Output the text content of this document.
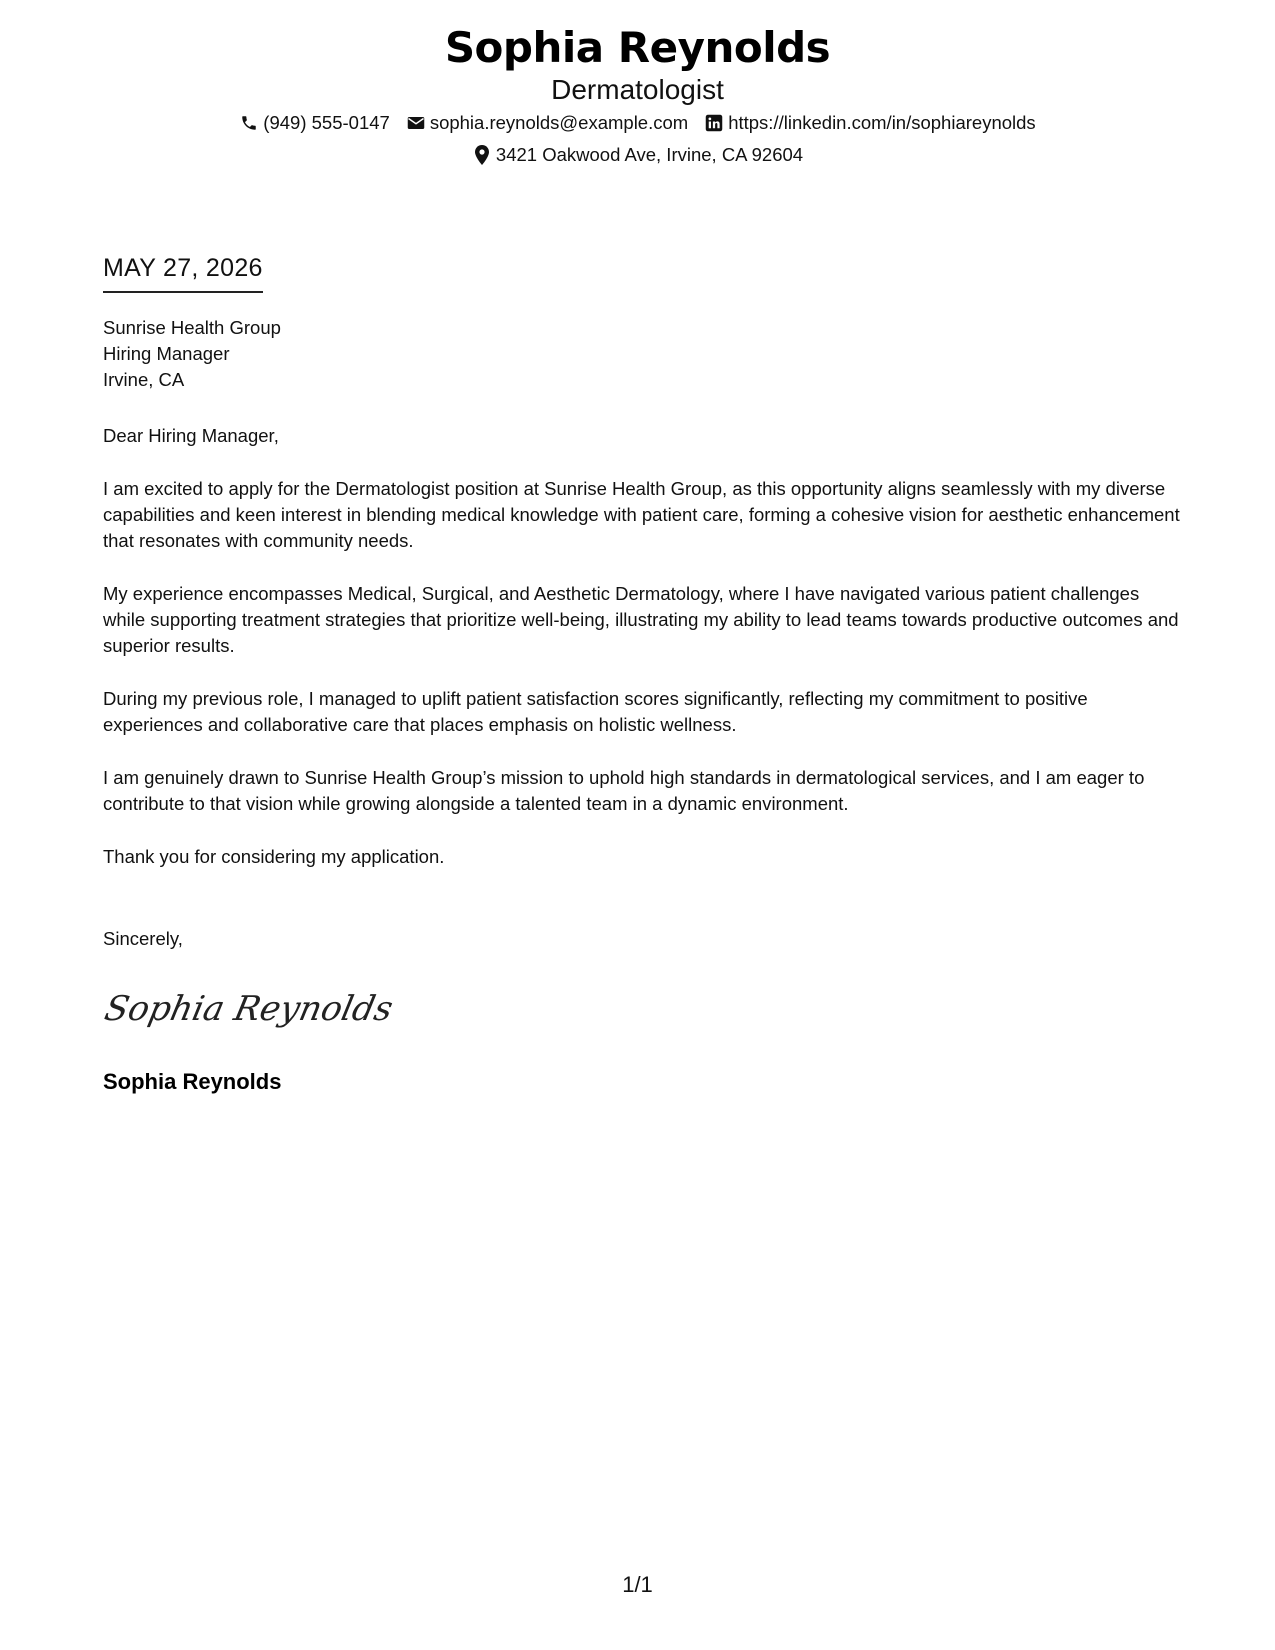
Sophia Reynolds
Dermatologist
(949) 555-0147 sophia.reynolds@example.com https://linkedin.com/in/sophiareynolds
3421 Oakwood Ave, Irvine, CA 92604
MAY 27, 2026
Sunrise Health Group
Hiring Manager
Irvine, CA

Dear Hiring Manager,

I am excited to apply for the Dermatologist position at Sunrise Health Group, as this opportunity aligns seamlessly with my diverse capabilities and keen interest in blending medical knowledge with patient care, forming a cohesive vision for aesthetic enhancement that resonates with community needs.

My experience encompasses Medical, Surgical, and Aesthetic Dermatology, where I have navigated various patient challenges while supporting treatment strategies that prioritize well-being, illustrating my ability to lead teams towards productive outcomes and superior results.

During my previous role, I managed to uplift patient satisfaction scores significantly, reflecting my commitment to positive experiences and collaborative care that places emphasis on holistic wellness.

I am genuinely drawn to Sunrise Health Group’s mission to uphold high standards in dermatological services, and I am eager to contribute to that vision while growing alongside a talented team in a dynamic environment.

Thank you for considering my application.

Sincerely,
Sophia Reynolds
Sophia Reynolds
1/1
